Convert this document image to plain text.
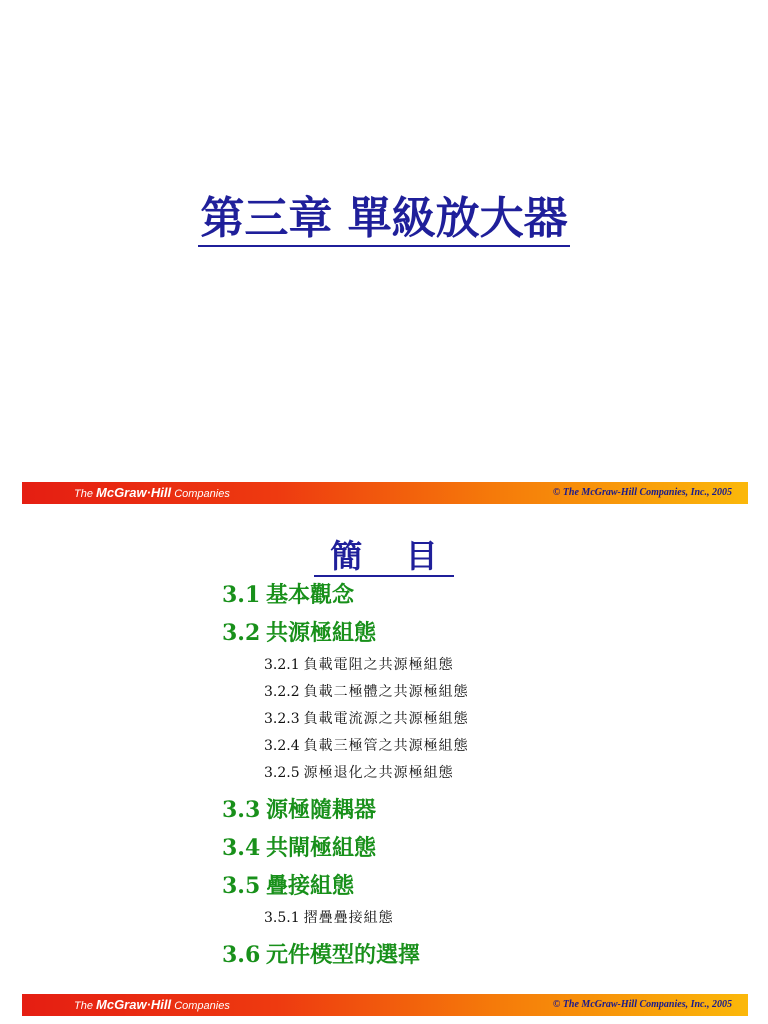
第三章 單級放大器
The McGraw·Hill Companies	© The McGraw-Hill Companies, Inc., 2005
簡 目
3.1 基本觀念
3.2 共源極組態
3.2.1 負載電阻之共源極組態
3.2.2 負載二極體之共源極組態
3.2.3 負載電流源之共源極組態
3.2.4 負載三極管之共源極組態
3.2.5 源極退化之共源極組態
3.3 源極隨耦器
3.4 共閘極組態
3.5 疊接組態
3.5.1 摺疊疊接組態
3.6 元件模型的選擇
The McGraw·Hill Companies	© The McGraw-Hill Companies, Inc., 2005
